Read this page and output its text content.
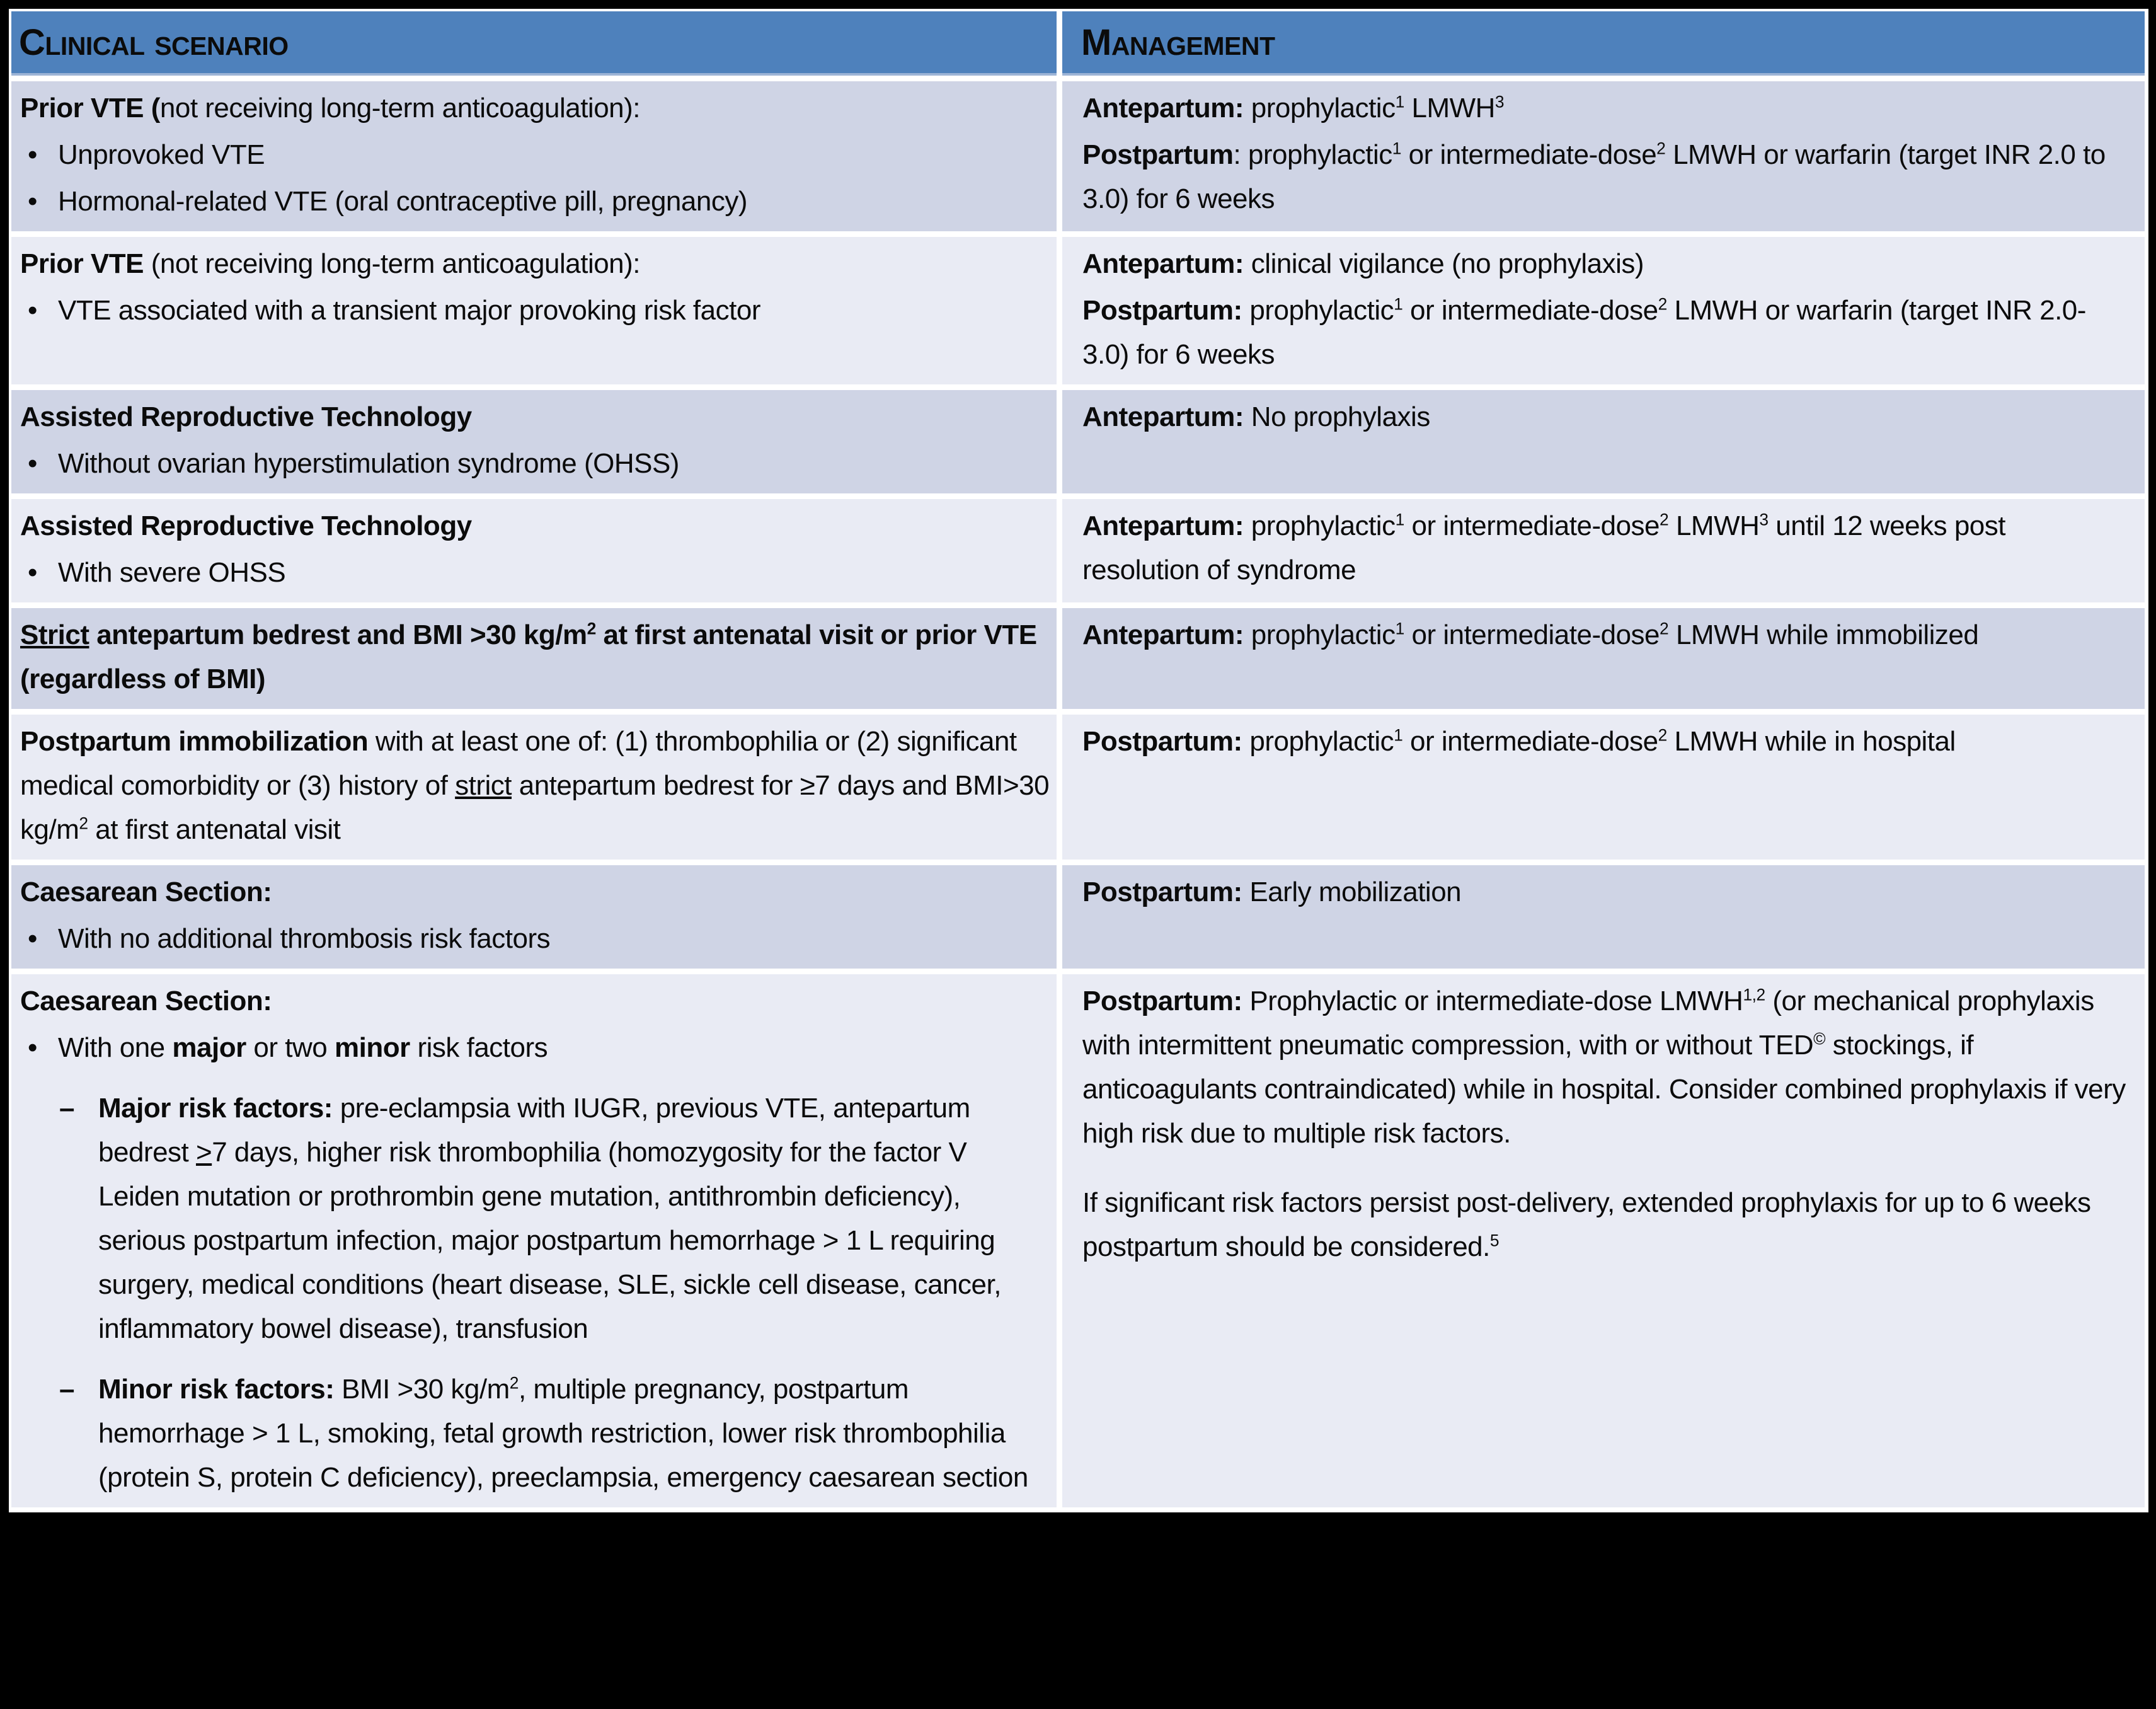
Clinical scenario	Management
Prior VTE (not receiving long-term anticoagulation):
• Unprovoked VTE
• Hormonal-related VTE (oral contraceptive pill, pregnancy)
Antepartum: prophylactic$^1$ LMWH$^3$
Postpartum: prophylactic$^1$ or intermediate-dose$^2$ LMWH or warfarin (target INR 2.0 to 3.0) for 6 weeks
Prior VTE (not receiving long-term anticoagulation):
• VTE associated with a transient major provoking risk factor
Antepartum: clinical vigilance (no prophylaxis)
Postpartum: prophylactic$^1$ or intermediate-dose$^2$ LMWH or warfarin (target INR 2.0-3.0) for 6 weeks
Assisted Reproductive Technology
• Without ovarian hyperstimulation syndrome (OHSS)
Antepartum: No prophylaxis
Assisted Reproductive Technology
• With severe OHSS
Antepartum: prophylactic$^1$ or intermediate-dose$^2$ LMWH$^3$ until 12 weeks post resolution of syndrome
Strict antepartum bedrest and BMI >30 $kg/m^2$ at first antenatal visit or prior VTE (regardless of BMI)
Antepartum: prophylactic$^1$ or intermediate-dose$^2$ LMWH while immobilized
Postpartum immobilization with at least one of: (1) thrombophilia or (2) significant medical comorbidity or (3) history of strict antepartum bedrest for ≥7 days and BMI>30 $kg/m^2$ at first antenatal visit
Postpartum: prophylactic$^1$ or intermediate-dose$^2$ LMWH while in hospital
Caesarean Section:
• With no additional thrombosis risk factors
Postpartum: Early mobilization
Caesarean Section:
• With one major or two minor risk factors
– Major risk factors: pre-eclampsia with IUGR, previous VTE, antepartum bedrest >7 days, higher risk thrombophilia (homozygosity for the factor V Leiden mutation or prothrombin gene mutation, antithrombin deficiency), serious postpartum infection, major postpartum hemorrhage > 1 L requiring surgery, medical conditions (heart disease, SLE, sickle cell disease, cancer, inflammatory bowel disease), transfusion
– Minor risk factors: BMI >30 $kg/m^2$, multiple pregnancy, postpartum hemorrhage > 1 L, smoking, fetal growth restriction, lower risk thrombophilia (protein S, protein C deficiency), preeclampsia, emergency caesarean section
Postpartum: Prophylactic or intermediate-dose LMWH$^{1,2}$ (or mechanical prophylaxis with intermittent pneumatic compression, with or without TED© stockings, if anticoagulants contraindicated) while in hospital. Consider combined prophylaxis if very high risk due to multiple risk factors.
If significant risk factors persist post-delivery, extended prophylaxis for up to 6 weeks postpartum should be considered.$^5$
